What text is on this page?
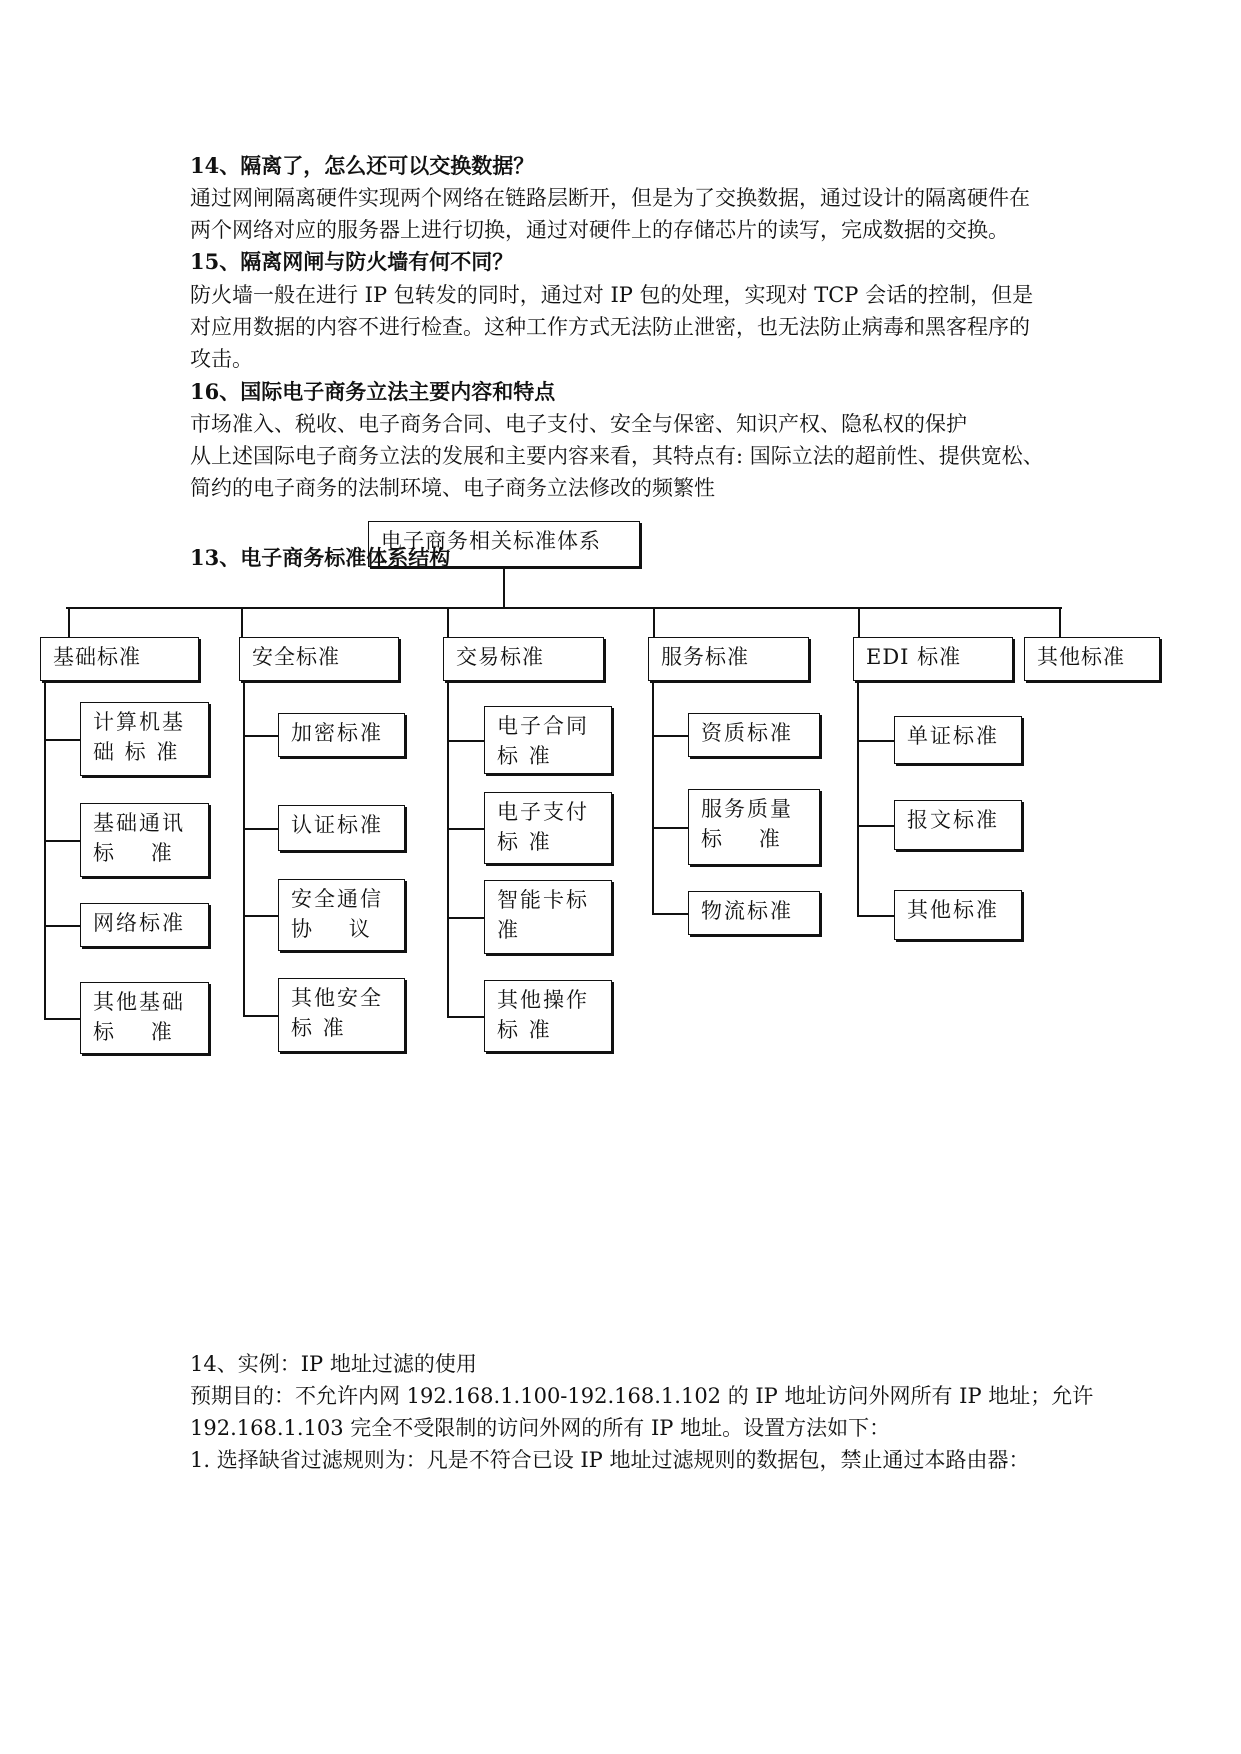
14、隔离了，怎么还可以交换数据？
通过网闸隔离硬件实现两个网络在链路层断开，但是为了交换数据，通过设计的隔离硬件在
两个网络对应的服务器上进行切换，通过对硬件上的存储芯片的读写，完成数据的交换。
15、隔离网闸与防火墙有何不同？
防火墙一般在进行 IP 包转发的同时，通过对 IP 包的处理，实现对 TCP 会话的控制，但是
对应用数据的内容不进行检查。这种工作方式无法防止泄密，也无法防止病毒和黑客程序的
攻击。
16、国际电子商务立法主要内容和特点
市场准入、税收、电子商务合同、电子支付、安全与保密、知识产权、隐私权的保护
从上述国际电子商务立法的发展和主要内容来看，其特点有: 国际立法的超前性、提供宽松、
简约的电子商务的法制环境、电子商务立法修改的频繁性
电子商务相关标准体系
基础标准
计算机基
础 标 准
基础通讯
标    准
网络标准
其他基础
标    准
安全标准
加密标准
认证标准
安全通信
协    议
其他安全
标 准
交易标准
电子合同
标 准
电子支付
标 准
智能卡标
准
其他操作
标 准
服务标准
资质标准
服务质量
标    准
物流标准
EDI 标准
单证标准
报文标准
其他标准
其他标准
13、电子商务标准体系结构
14、实例：IP 地址过滤的使用
预期目的：不允许内网 192.168.1.100-192.168.1.102 的 IP 地址访问外网所有 IP 地址；允许
192.168.1.103 完全不受限制的访问外网的所有 IP 地址。设置方法如下：
1. 选择缺省过滤规则为：凡是不符合已设 IP 地址过滤规则的数据包，禁止通过本路由器：
